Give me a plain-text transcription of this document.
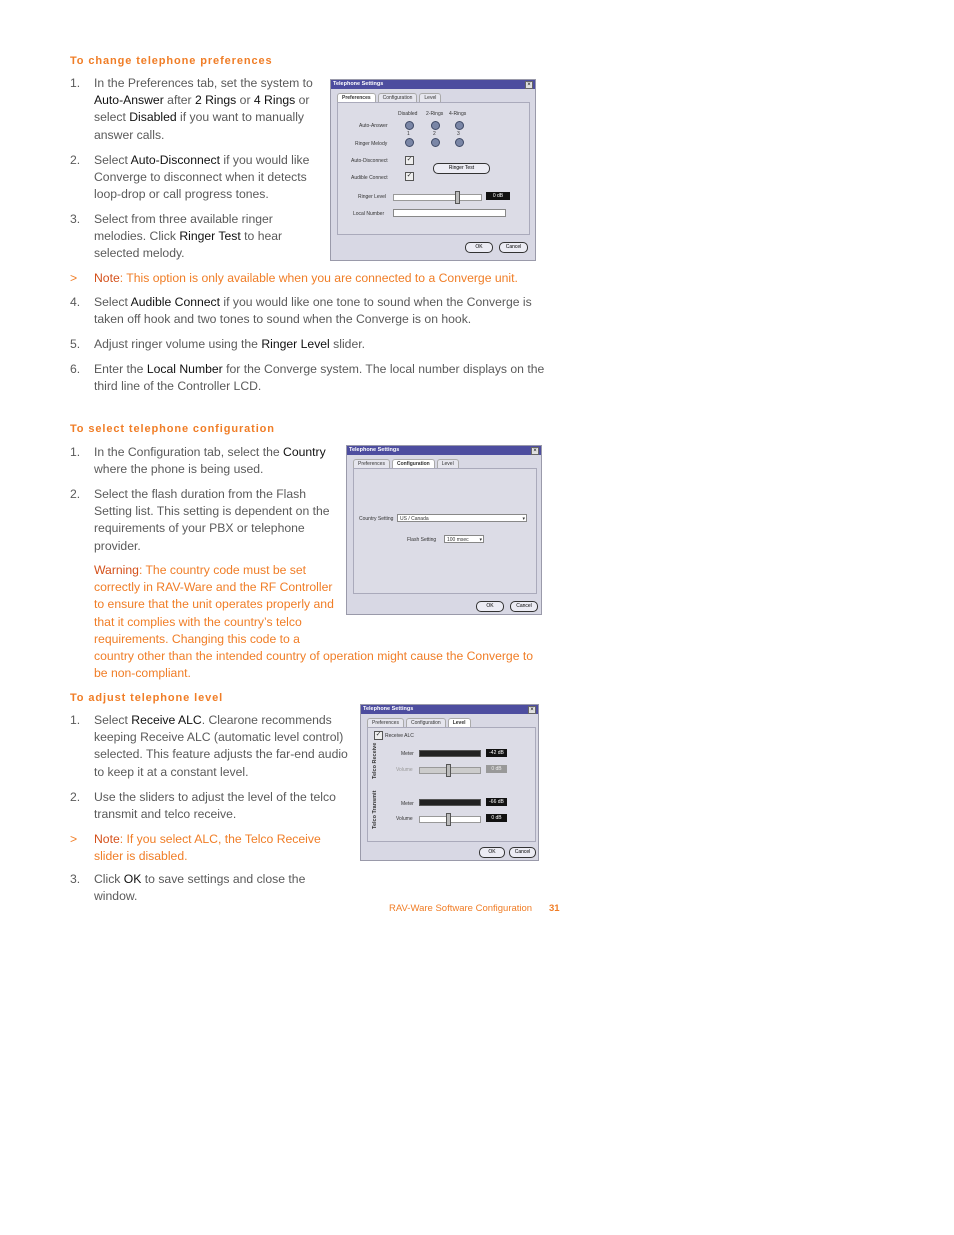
To change telephone preferences
1.	In the Preferences tab, set the system to Auto-Answer after 2 Rings or 4 Rings or select Disabled if you want to manually answer calls.
2.	Select Auto-Disconnect if you would like Converge to disconnect when it detects loop-drop or call progress tones.
3.	Select from three available ringer melodies. Click Ringer Test to hear selected melody.
>	Note: This option is only available when you are connected to a Converge unit.
4.	Select Audible Connect if you would like one tone to sound when the Converge is taken off hook and two tones to sound when the Converge is on hook.
5.	Adjust ringer volume using the Ringer Level slider.
6.	Enter the Local Number for the Converge system. The local number displays on the third line of the Controller LCD.
Telephone Settings	×
Preferences Configuration Level
Disabled 2-Rings 4-Rings
Auto-Answer
1	2	3
Ringer Melody
Auto-Disconnect	✓
Ringer Test
Audible Connect	✓
Ringer Level	0 dB
Local Number
OK	Cancel
To select telephone configuration
1.	In the Configuration tab, select the Country where the phone is being used.
2.	Select the flash duration from the Flash Setting list. This setting is dependent on the requirements of your PBX or telephone provider.
Warning: The country code must be set correctly in RAV-Ware and the RF Controller to ensure that the unit operates properly and that it complies with the country’s telco requirements. Changing this code to a country other than the intended country of operation might cause the Converge to be non-compliant.
Telephone Settings	×
Preferences Configuration Level
Country Setting	US / Canada	▾
Flash Setting	100 msec ▾
OK	Cancel
To adjust telephone level
1.	Select Receive ALC. Clearone recommends keeping Receive ALC (automatic level control) selected. This feature adjusts the far-end audio to keep it at a constant level.
2.	Use the sliders to adjust the level of the telco transmit and telco receive.
>	Note: If you select ALC, the Telco Receive slider is disabled.
3.	Click OK to save settings and close the window.
Telephone Settings	×
Preferences Configuration Level
✓ Receive ALC
Telco Receive	Meter	-42 dB
Volume	0 dB
Telco Transmit	Meter	-66 dB
Volume	0 dB
OK	Cancel
RAV-Ware Software Configuration 31
